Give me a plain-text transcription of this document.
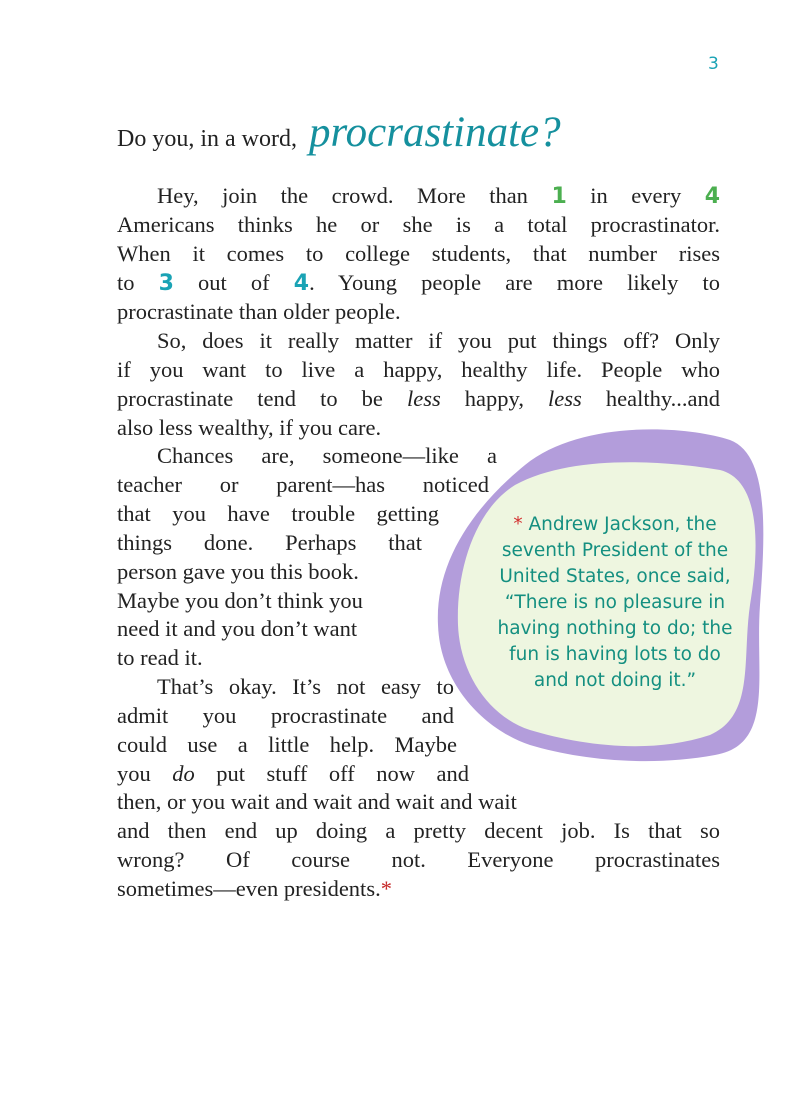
3
Do you, in a word, procrastinate?
Hey, join the crowd. More than 1 in every 4
Americans thinks he or she is a total procrastinator.
When it comes to college students, that number rises
to 3 out of 4. Young people are more likely to
procrastinate than older people.
So, does it really matter if you put things off? Only
if you want to live a happy, healthy life. People who
procrastinate tend to be less happy, less healthy...and
also less wealthy, if you care.
Chances are, someone—like a
teacher or parent—has noticed
that you have trouble getting
things done. Perhaps that
person gave you this book.
Maybe you don’t think you
need it and you don’t want
to read it.
That’s okay. It’s not easy to
admit you procrastinate and
could use a little help. Maybe
you do put stuff off now and
then, or you wait and wait and wait and wait
and then end up doing a pretty decent job. Is that so
wrong? Of course not. Everyone procrastinates
sometimes—even presidents.*
* Andrew Jackson, the seventh President of the United States, once said, “There is no pleasure in having nothing to do; the fun is having lots to do and not doing it.”
